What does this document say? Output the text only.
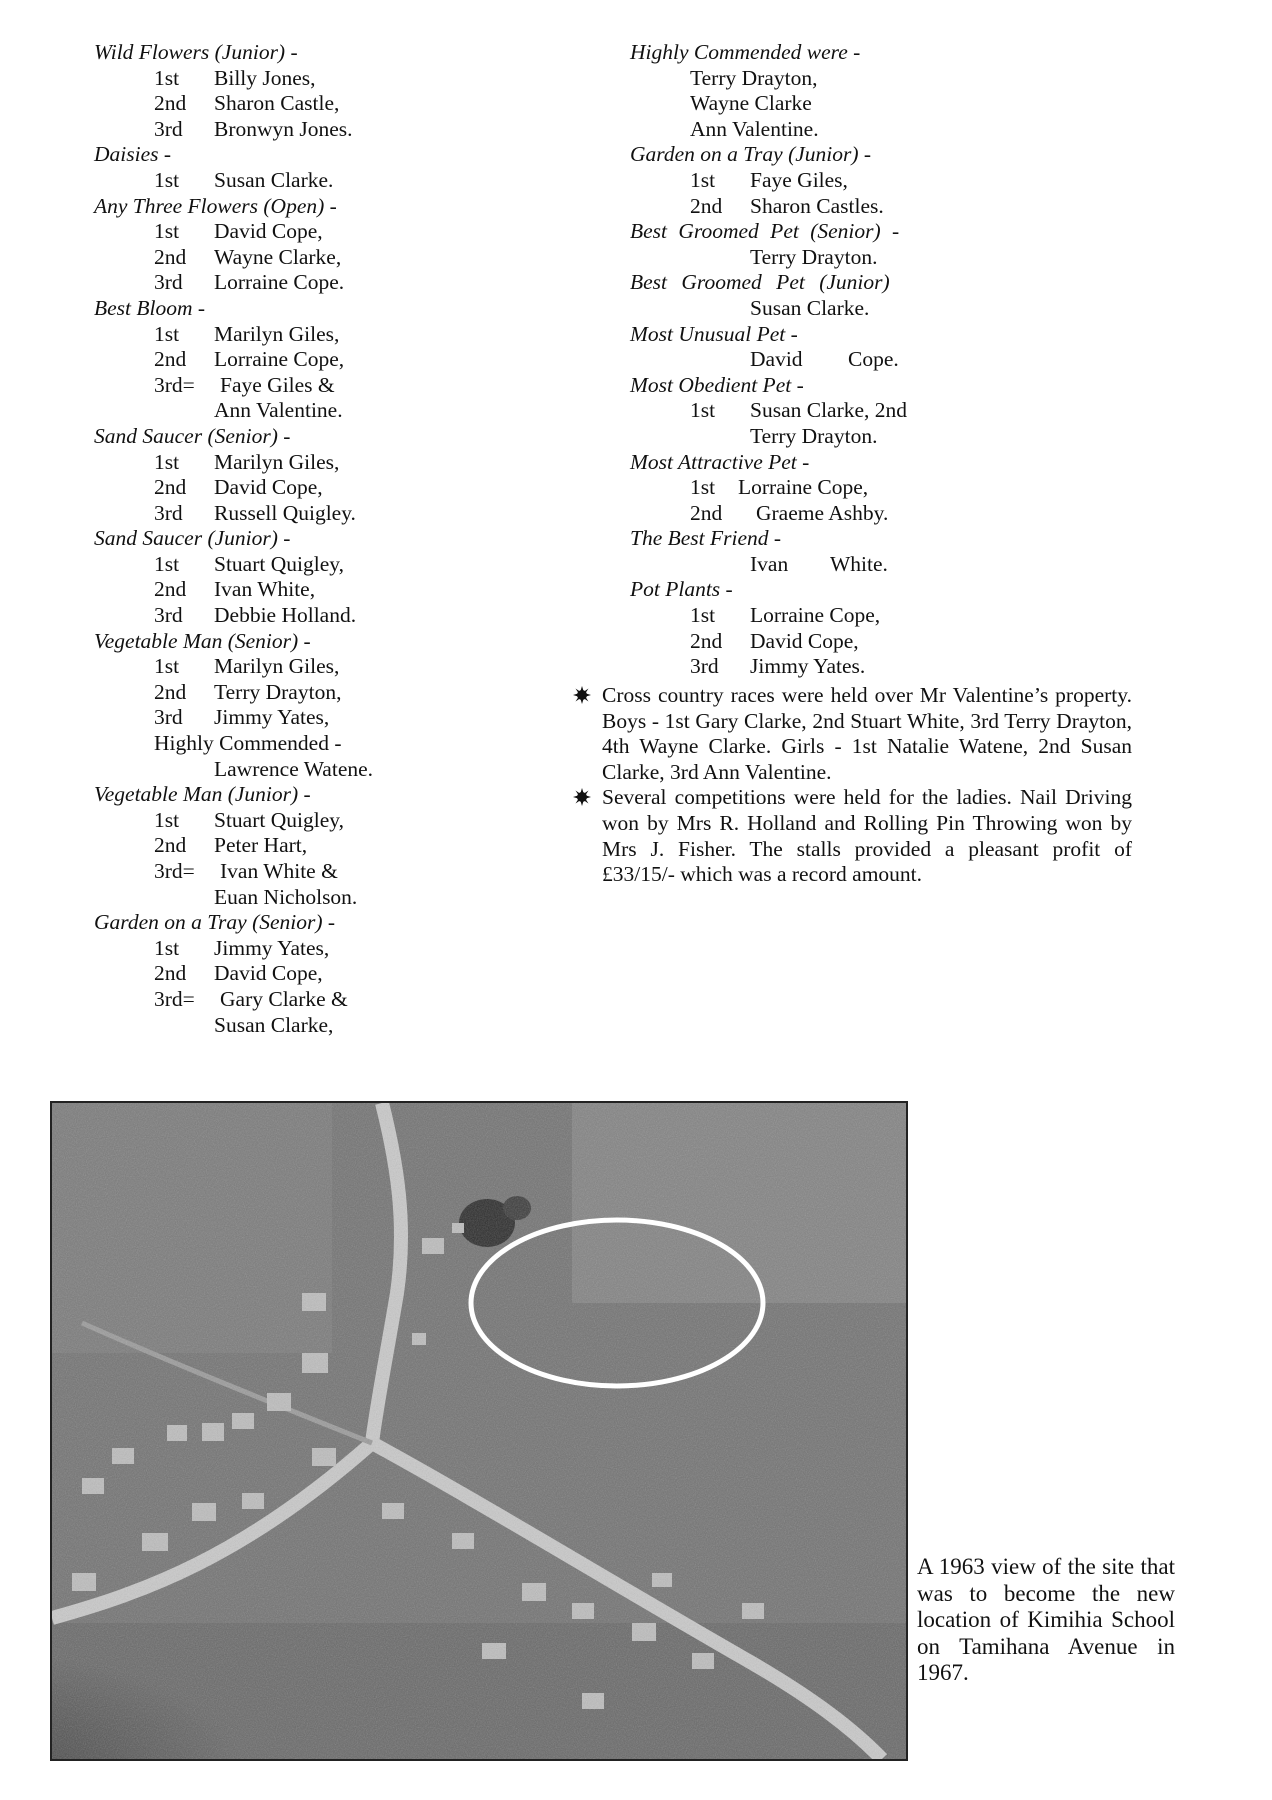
Wild Flowers (Junior) -
1st Billy Jones,
2nd Sharon Castle,
3rd Bronwyn Jones.
Daisies -
1st Susan Clarke.
Any Three Flowers (Open) -
1st David Cope,
2nd Wayne Clarke,
3rd Lorraine Cope.
Best Bloom -
1st Marilyn Giles,
2nd Lorraine Cope,
3rd= Faye Giles &
Ann Valentine.
Sand Saucer (Senior) -
1st Marilyn Giles,
2nd David Cope,
3rd Russell Quigley.
Sand Saucer (Junior) -
1st Stuart Quigley,
2nd Ivan White,
3rd Debbie Holland.
Vegetable Man (Senior) -
1st Marilyn Giles,
2nd Terry Drayton,
3rd Jimmy Yates,
Highly Commended -
Lawrence Watene.
Vegetable Man (Junior) -
1st Stuart Quigley,
2nd Peter Hart,
3rd= Ivan White &
Euan Nicholson.
Garden on a Tray (Senior) -
1st Jimmy Yates,
2nd David Cope,
3rd= Gary Clarke &
Susan Clarke,
Highly Commended were -
Terry Drayton,
Wayne Clarke
Ann Valentine.
Garden on a Tray (Junior) -
1st Faye Giles,
2nd Sharon Castles.
Best Groomed Pet (Senior) -
Terry Drayton.
Best Groomed Pet (Junior)
Susan Clarke.
Most Unusual Pet -
David Cope.
Most Obedient Pet -
1st Susan Clarke, 2nd
Terry Drayton.
Most Attractive Pet -
1st Lorraine Cope,
2nd Graeme Ashby.
The Best Friend -
Ivan White.
Pot Plants -
1st Lorraine Cope,
2nd David Cope,
3rd Jimmy Yates.
Cross country races were held over Mr Valentine’s property. Boys - 1st Gary Clarke, 2nd Stuart White, 3rd Terry Drayton, 4th Wayne Clarke. Girls - 1st Natalie Watene, 2nd Susan Clarke, 3rd Ann Valentine.
Several competitions were held for the ladies. Nail Driving won by Mrs R. Holland and Rolling Pin Throwing won by Mrs J. Fisher. The stalls provided a pleasant profit of £33/15/- which was a record amount.
A 1963 view of the site that was to become the new location of Kimihia School on Tamihana Avenue in 1967.
